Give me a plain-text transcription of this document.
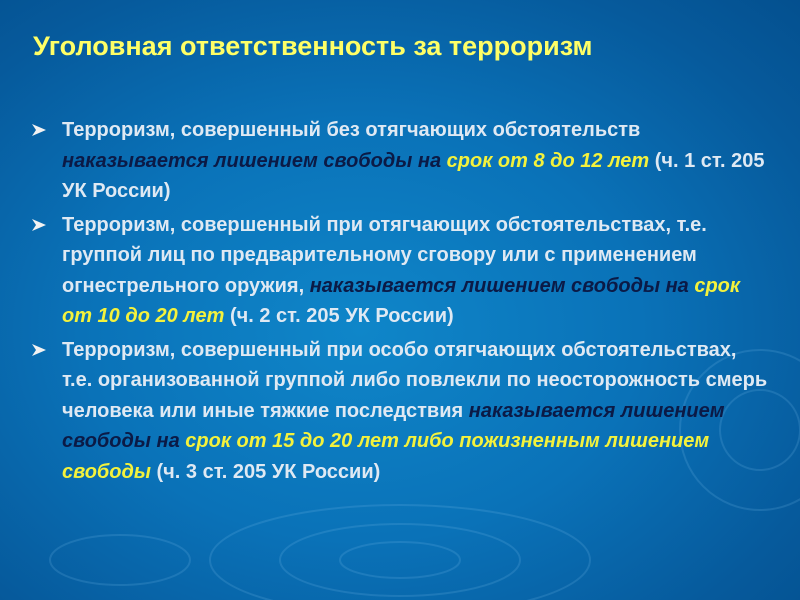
Уголовная ответственность за терроризм
Терроризм, совершенный без отягчающих обстоятельств наказывается лишением свободы на срок от 8 до 12 лет (ч. 1 ст. 205 УК России)
Терроризм, совершенный при отягчающих обстоятельствах, т.е. группой лиц по предварительному сговору или с применением огнестрельного оружия, наказывается лишением свободы на срок от 10 до 20 лет (ч. 2 ст. 205 УК России)
Терроризм, совершенный при особо отягчающих обстоятельствах, т.е. организованной группой либо повлекли по неосторожность смерь человека или иные тяжкие последствия наказывается лишением свободы на срок от 15 до 20 лет либо пожизненным лишением свободы (ч. 3 ст. 205 УК России)
